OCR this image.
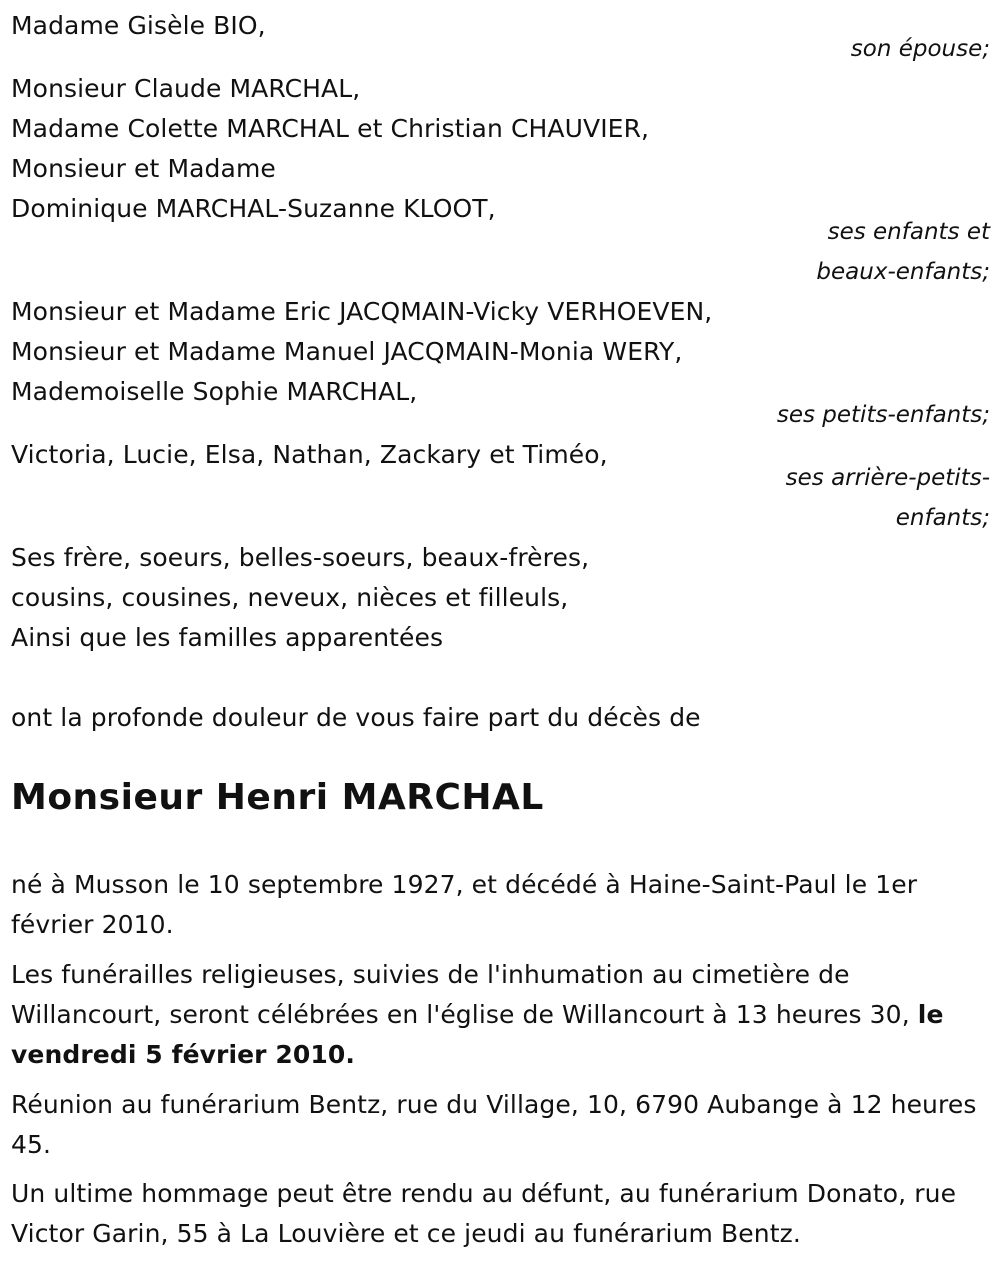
Madame Gisèle BIO,
son épouse;
Monsieur Claude MARCHAL,
Madame Colette MARCHAL et Christian CHAUVIER,
Monsieur et Madame
Dominique MARCHAL-Suzanne KLOOT,
ses enfants et
beaux-enfants;
Monsieur et Madame Eric JACQMAIN-Vicky VERHOEVEN,
Monsieur et Madame Manuel JACQMAIN-Monia WERY,
Mademoiselle Sophie MARCHAL,
ses petits-enfants;
Victoria, Lucie, Elsa, Nathan, Zackary et Timéo,
ses arrière-petits-
enfants;
Ses frère, soeurs, belles-soeurs, beaux-frères,
cousins, cousines, neveux, nièces et filleuls,
Ainsi que les familles apparentées
ont la profonde douleur de vous faire part du décès de
Monsieur Henri MARCHAL
né à Musson le 10 septembre 1927, et décédé à Haine-Saint-Paul le 1er février 2010.
Les funérailles religieuses, suivies de l'inhumation au cimetière de Willancourt, seront célébrées en l'église de Willancourt à 13 heures 30, le vendredi 5 février 2010.
Réunion au funérarium Bentz, rue du Village, 10, 6790 Aubange à 12 heures 45.
Un ultime hommage peut être rendu au défunt, au funérarium Donato, rue Victor Garin, 55 à La Louvière et ce jeudi au funérarium Bentz.
